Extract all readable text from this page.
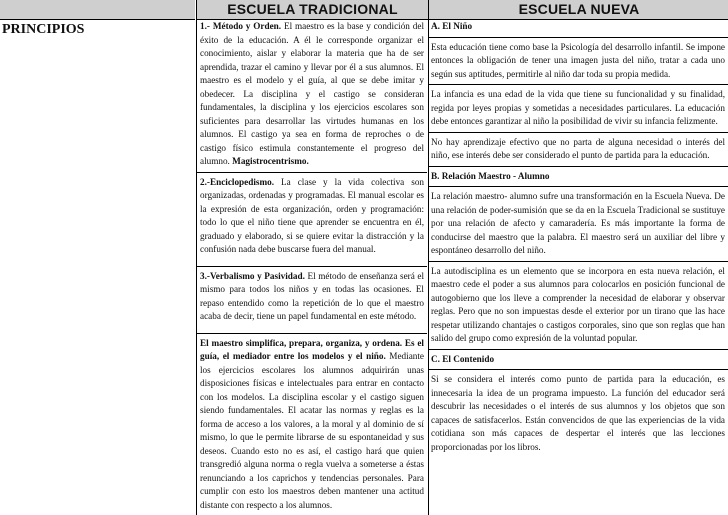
ESCUELA TRADICIONAL	ESCUELA NUEVA
PRINCIPIOS	1.- Método y Orden. El maestro es la base y condición del éxito de la educación. A él le corresponde organizar el conocimiento, aislar y elaborar la materia que ha de ser aprendida, trazar el camino y llevar por él a sus alumnos. El maestro es el modelo y el guía, al que se debe imitar y obedecer. La disciplina y el castigo se consideran fundamentales, la disciplina y los ejercicios escolares son suficientes para desarrollar las virtudes humanas en los alumnos. El castigo ya sea en forma de reproches o de castigo físico estimula constantemente el progreso del alumno. Magistrocentrismo.

2.-Enciclopedismo. La clase y la vida colectiva son organizadas, ordenadas y programadas. El manual escolar es la expresión de esta organización, orden y programación: todo lo que el niño tiene que aprender se encuentra en él, graduado y elaborado, si se quiere evitar la distracción y la confusión nada debe buscarse fuera del manual.

3.-Verbalismo y Pasividad. El método de enseñanza será el mismo para todos los niños y en todas las ocasiones. El repaso entendido como la repetición de lo que el maestro acaba de decir, tiene un papel fundamental en este método.

El maestro simplifica, prepara, organiza, y ordena. Es el guía, el mediador entre los modelos y el niño. Mediante los ejercicios escolares los alumnos adquirirán unas disposiciones físicas e intelectuales para entrar en contacto con los modelos. La disciplina escolar y el castigo siguen siendo fundamentales. El acatar las normas y reglas es la forma de acceso a los valores, a la moral y al dominio de sí mismo, lo que le permite librarse de su espontaneidad y sus deseos. Cuando esto no es así, el castigo hará que quien transgredió alguna norma o regla vuelva a someterse a éstas renunciando a los caprichos y tendencias personales. Para cumplir con esto los maestros deben mantener una actitud distante con respecto a los alumnos.

A. El Niño

Esta educación tiene como base la Psicología del desarrollo infantil. Se impone entonces la obligación de tener una imagen justa del niño, tratar a cada uno según sus aptitudes, permitirle al niño dar toda su propia medida.

La infancia es una edad de la vida que tiene su funcionalidad y su finalidad, regida por leyes propias y sometidas a necesidades particulares. La educación debe entonces garantizar al niño la posibilidad de vivir su infancia felizmente.

No hay aprendizaje efectivo que no parta de alguna necesidad o interés del niño, ese interés debe ser considerado el punto de partida para la educación.

B. Relación Maestro - Alumno

La relación maestro- alumno sufre una transformación en la Escuela Nueva. De una relación de poder-sumisión que se da en la Escuela Tradicional se sustituye por una relación de afecto y camaradería. Es más importante la forma de conducirse del maestro que la palabra. El maestro será un auxiliar del libre y espontáneo desarrollo del niño.

La autodisciplina es un elemento que se incorpora en esta nueva relación, el maestro cede el poder a sus alumnos para colocarlos en posición funcional de autogobierno que los lleve a comprender la necesidad de elaborar y observar reglas. Pero que no son impuestas desde el exterior por un tirano que las hace respetar utilizando chantajes o castigos corporales, sino que son reglas que han salido del grupo como expresión de la voluntad popular.

C. El Contenido

Si se considera el interés como punto de partida para la educación, es innecesaria la idea de un programa impuesto. La función del educador será descubrir las necesidades o el interés de sus alumnos y los objetos que son capaces de satisfacerlos. Están convencidos de que las experiencias de la vida cotidiana son más capaces de despertar el interés que las lecciones proporcionadas por los libros.
